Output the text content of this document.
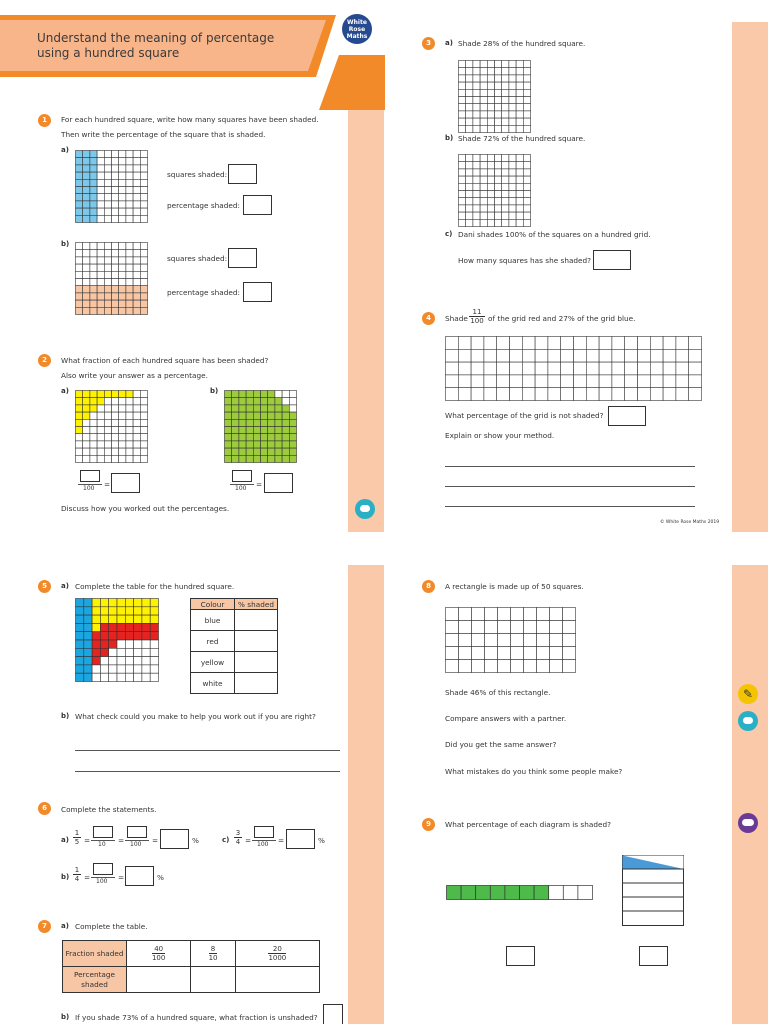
Understand the meaning of percentage
using a hundred square
White
Rose
Maths
1	For each hundred square, write how many squares have been shaded.
Then write the percentage of the square that is shaded.
a)
squares shaded:
percentage shaded:
b)
squares shaded:
percentage shaded:
2	What fraction of each hundred square has been shaded?
Also write your answer as a percentage.
a)	b)
100 =	100 =
Discuss how you worked out the percentages.
3	a) Shade 28% of the hundred square.
b) Shade 72% of the hundred square.
c) Dani shades 100% of the squares on a hundred grid.
How many squares has she shaded?
4	Shade $\frac{11}{100}$ of the grid red and 27% of the grid blue.
What percentage of the grid is not shaded?
Explain or show your method.
© White Rose Maths 2019
5	a) Complete the table for the hundred square.
Colour	% shaded
blue	
red	
yellow	
white	
b) What check could you make to help you work out if you are right?
6	Complete the statements.
$a) \frac{1}{5} = 10 = 100$ =	%	$c) \frac{3}{4} = 100$ =	%
$b) \frac{1}{4} = 100$ =	%
7	a) Complete the table.
Fraction shaded	$\frac{40}{100}$	$\frac{8}{10}$	$\frac{20}{1000}$

Percentage shaded			
b) If you shade 73% of a hundred square, what fraction is unshaded?
✎
8	A rectangle is made up of 50 squares.
Shade 46% of this rectangle.
Compare answers with a partner.
Did you get the same answer?
What mistakes do you think some people make?
9	What percentage of each diagram is shaded?
